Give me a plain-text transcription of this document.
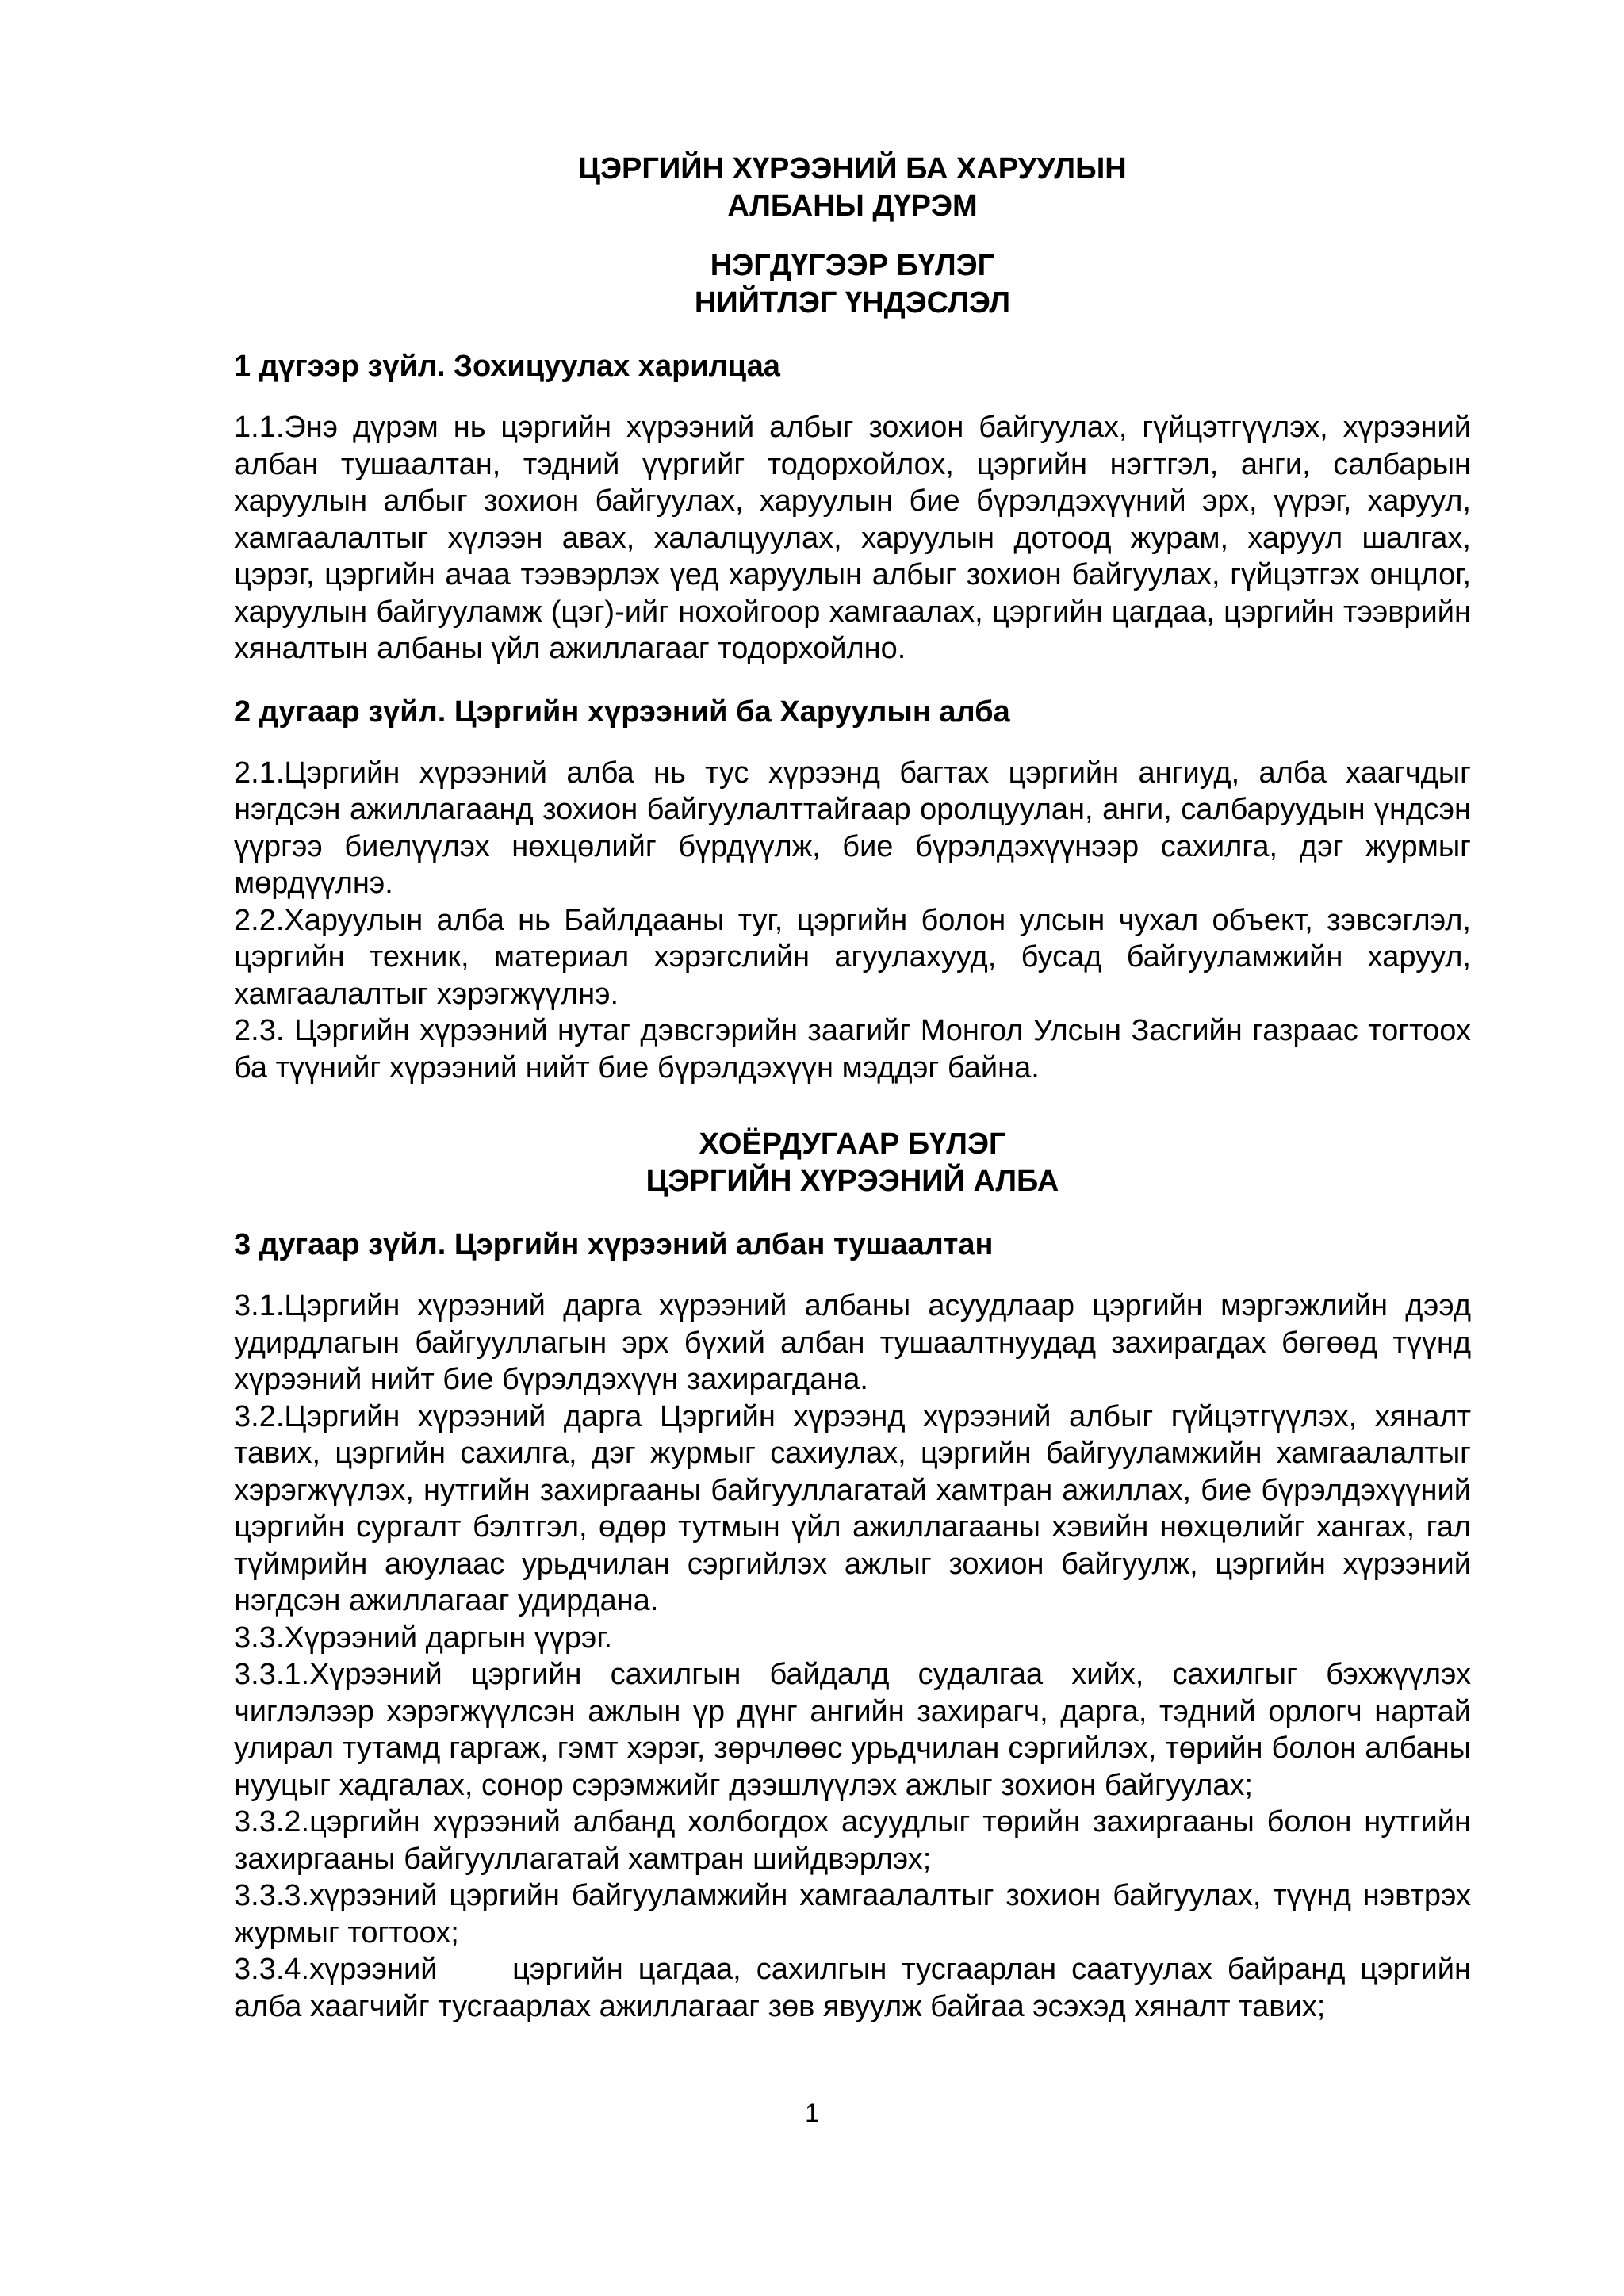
ЦЭРГИЙН ХҮРЭЭНИЙ БА ХАРУУЛЫН
АЛБАНЫ ДҮРЭМ
НЭГДҮГЭЭР БҮЛЭГ
НИЙТЛЭГ ҮНДЭСЛЭЛ
1 дүгээр зүйл. Зохицуулах харилцаа

1.1.Энэ дүрэм нь цэргийн хүрээний албыг зохион байгуулах, гүйцэтгүүлэх, хүрээний албан тушаалтан, тэдний үүргийг тодорхойлох, цэргийн нэгтгэл, анги, салбарын харуулын албыг зохион байгуулах, харуулын бие бүрэлдэхүүний эрх, үүрэг, харуул, хамгаалалтыг хүлээн авах, халалцуулах, харуулын дотоод журам, харуул шалгах, цэрэг, цэргийн ачаа тээвэрлэх үед харуулын албыг зохион байгуулах, гүйцэтгэх онцлог, харуулын байгууламж (цэг)-ийг нохойгоор хамгаалах, цэргийн цагдаа, цэргийн тээврийн хяналтын албаны үйл ажиллагааг тодорхойлно.

2 дугаар зүйл. Цэргийн хүрээний ба Харуулын алба

2.1.Цэргийн хүрээний алба нь тус хүрээнд багтах цэргийн ангиуд, алба хаагчдыг нэгдсэн ажиллагаанд зохион байгуулалттайгаар оролцуулан, анги, салбаруудын үндсэн үүргээ биелүүлэх нөхцөлийг бүрдүүлж, бие бүрэлдэхүүнээр сахилга, дэг журмыг мөрдүүлнэ.

2.2.Харуулын алба нь Байлдааны туг, цэргийн болон улсын чухал объект, зэвсэглэл, цэргийн техник, материал хэрэгслийн агуулахууд, бусад байгууламжийн харуул, хамгаалалтыг хэрэгжүүлнэ.

2.3. Цэргийн хүрээний нутаг дэвсгэрийн заагийг Монгол Улсын Засгийн газраас тогтоох ба түүнийг хүрээний нийт бие бүрэлдэхүүн мэддэг байна.

ХОЁРДУГААР БҮЛЭГ
ЦЭРГИЙН ХҮРЭЭНИЙ АЛБА
3 дугаар зүйл. Цэргийн хүрээний албан тушаалтан

3.1.Цэргийн хүрээний дарга хүрээний албаны асуудлаар цэргийн мэргэжлийн дээд удирдлагын байгууллагын эрх бүхий албан тушаалтнуудад захирагдах бөгөөд түүнд хүрээний нийт бие бүрэлдэхүүн захирагдана.

3.2.Цэргийн хүрээний дарга Цэргийн хүрээнд хүрээний албыг гүйцэтгүүлэх, хяналт тавих, цэргийн сахилга, дэг журмыг сахиулах, цэргийн байгууламжийн хамгаалалтыг хэрэгжүүлэх, нутгийн захиргааны байгууллагатай хамтран ажиллах, бие бүрэлдэхүүний цэргийн сургалт бэлтгэл, өдөр тутмын үйл ажиллагааны хэвийн нөхцөлийг хангах, гал түймрийн аюулаас урьдчилан сэргийлэх ажлыг зохион байгуулж, цэргийн хүрээний нэгдсэн ажиллагааг удирдана.

3.3.Хүрээний даргын үүрэг.

3.3.1.Хүрээний цэргийн сахилгын байдалд судалгаа хийх, сахилгыг бэхжүүлэх чиглэлээр хэрэгжүүлсэн ажлын үр дүнг ангийн захирагч, дарга, тэдний орлогч нартай улирал тутамд гаргаж, гэмт хэрэг, зөрчлөөс урьдчилан сэргийлэх, төрийн болон албаны нууцыг хадгалах, сонор сэрэмжийг дээшлүүлэх ажлыг зохион байгуулах;

3.3.2.цэргийн хүрээний албанд холбогдох асуудлыг төрийн захиргааны болон нутгийн захиргааны байгууллагатай хамтран шийдвэрлэх;

3.3.3.хүрээний цэргийн байгууламжийн хамгаалалтыг зохион байгуулах, түүнд нэвтрэх журмыг тогтоох;

3.3.4.хүрээний     цэргийн цагдаа, сахилгын тусгаарлан саатуулах байранд цэргийн алба хаагчийг тусгаарлах ажиллагааг зөв явуулж байгаа эсэхэд хяналт тавих;

1
